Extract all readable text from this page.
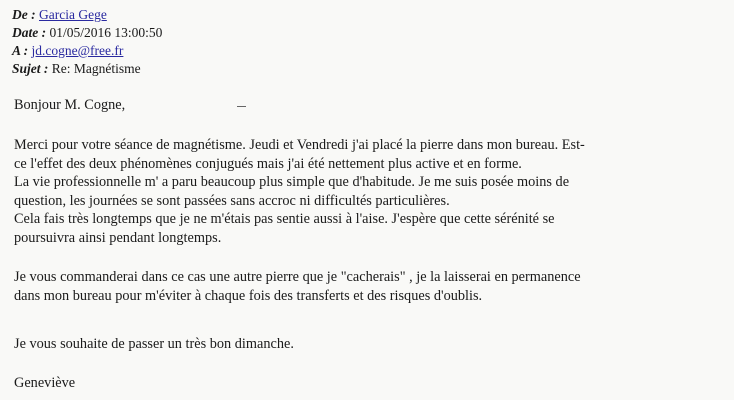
De : Garcia Gege
Date : 01/05/2016 13:00:50
A : jd.cogne@free.fr
Sujet : Re: Magnétisme
Bonjour M. Cogne,
Merci pour votre séance de magnétisme. Jeudi et Vendredi j'ai placé la pierre dans mon bureau. Est-
ce l'effet des deux phénomènes conjugués mais j'ai été nettement plus active et en forme.
La vie professionnelle m' a paru beaucoup plus simple que d'habitude. Je me suis posée moins de
question, les journées se sont passées sans accroc ni difficultés particulières.
Cela fais très longtemps que je ne m'étais pas sentie aussi à l'aise. J'espère que cette sérénité se
poursuivra ainsi pendant longtemps.
Je vous commanderai dans ce cas une autre pierre que je "cacherais" , je la laisserai en permanence
dans mon bureau pour m'éviter à chaque fois des transferts et des risques d'oublis.
Je vous souhaite de passer un très bon dimanche.
Geneviève
